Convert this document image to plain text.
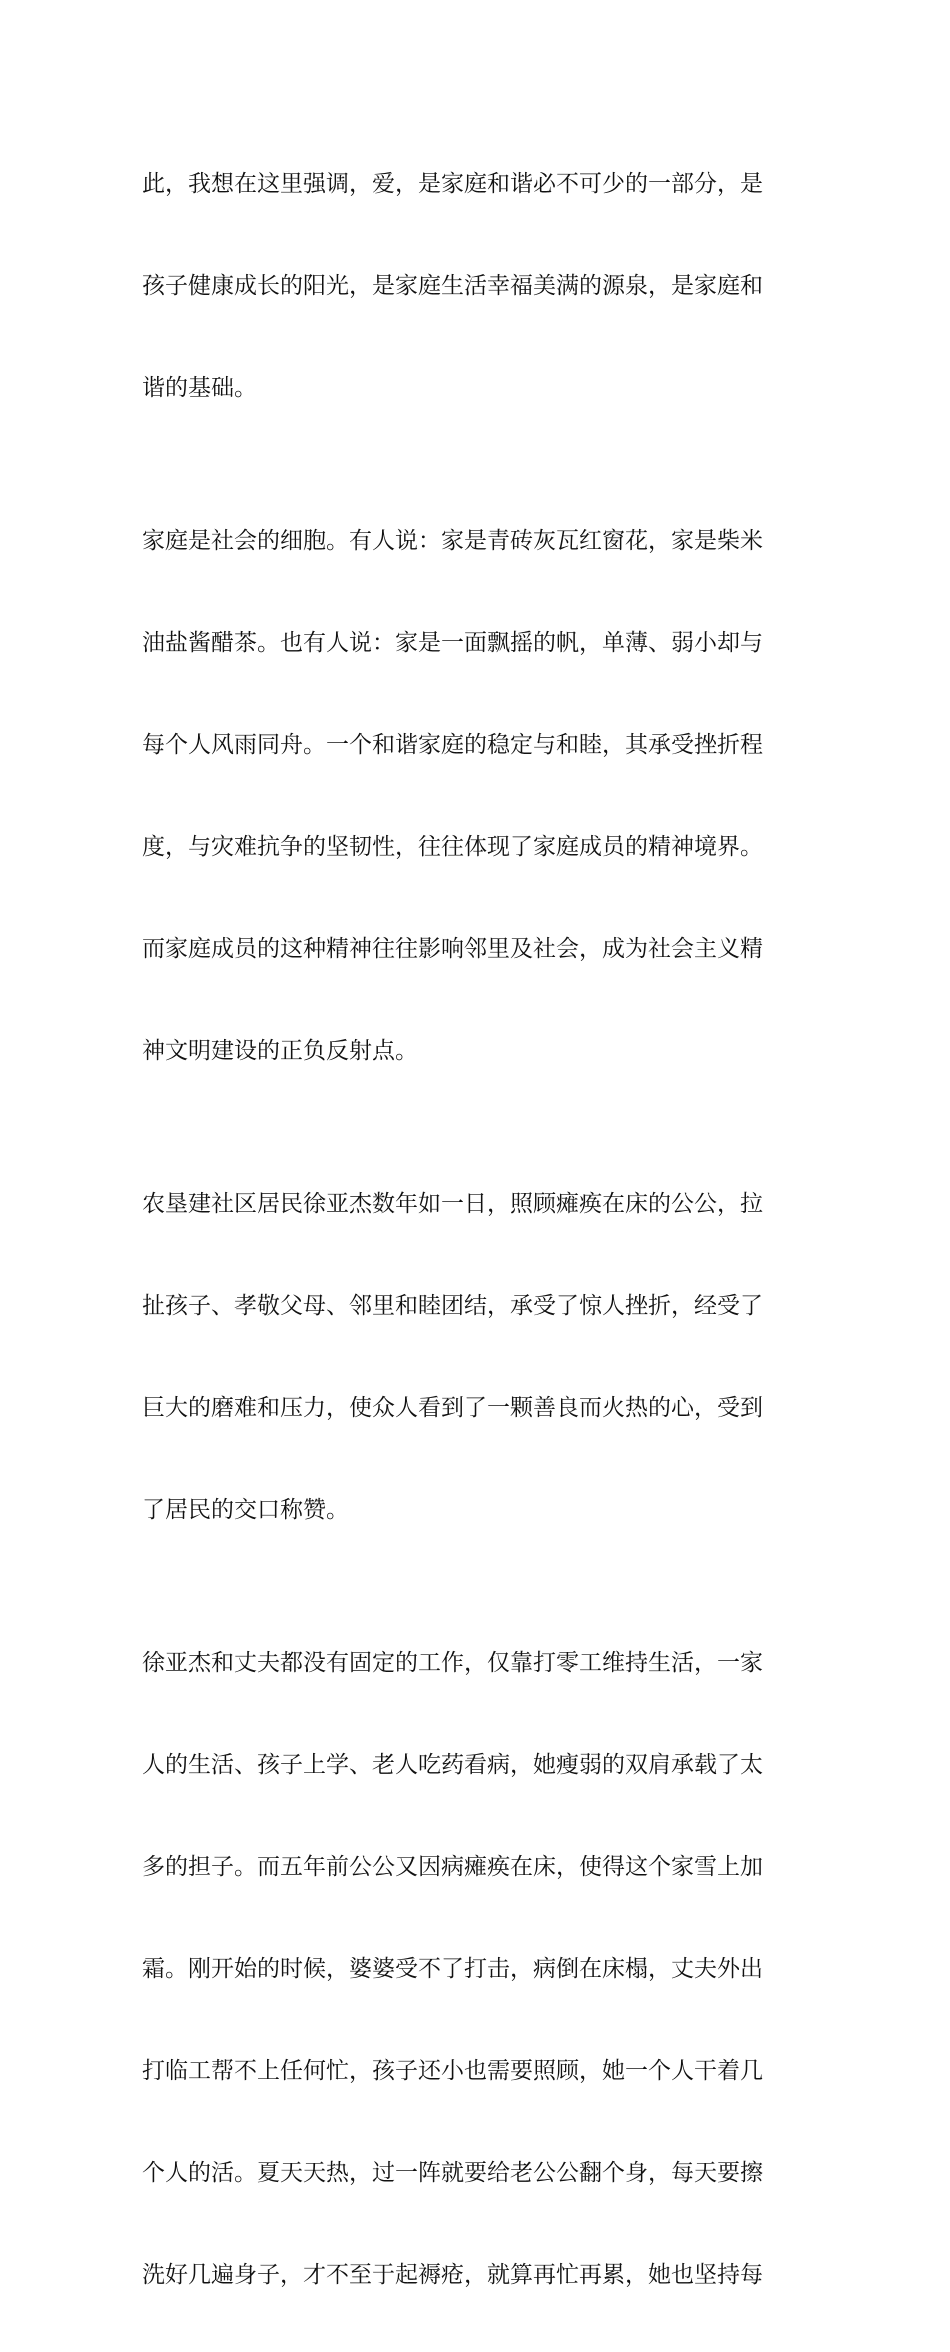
此，我想在这里强调，爱，是家庭和谐必不可少的一部分，是

孩子健康成长的阳光，是家庭生活幸福美满的源泉，是家庭和

谐的基础。

家庭是社会的细胞。有人说：家是青砖灰瓦红窗花，家是柴米

油盐酱醋茶。也有人说：家是一面飘摇的帆，单薄、弱小却与

每个人风雨同舟。一个和谐家庭的稳定与和睦，其承受挫折程

度，与灾难抗争的坚韧性，往往体现了家庭成员的精神境界。

而家庭成员的这种精神往往影响邻里及社会，成为社会主义精

神文明建设的正负反射点。

农垦建社区居民徐亚杰数年如一日，照顾瘫痪在床的公公，拉

扯孩子、孝敬父母、邻里和睦团结，承受了惊人挫折，经受了

巨大的磨难和压力，使众人看到了一颗善良而火热的心，受到

了居民的交口称赞。

徐亚杰和丈夫都没有固定的工作，仅靠打零工维持生活，一家

人的生活、孩子上学、老人吃药看病，她瘦弱的双肩承载了太

多的担子。而五年前公公又因病瘫痪在床，使得这个家雪上加

霜。刚开始的时候，婆婆受不了打击，病倒在床榻，丈夫外出

打临工帮不上任何忙，孩子还小也需要照顾，她一个人干着几

个人的活。夏天天热，过一阵就要给老公公翻个身，每天要擦

洗好几遍身子，才不至于起褥疮，就算再忙再累，她也坚持每
